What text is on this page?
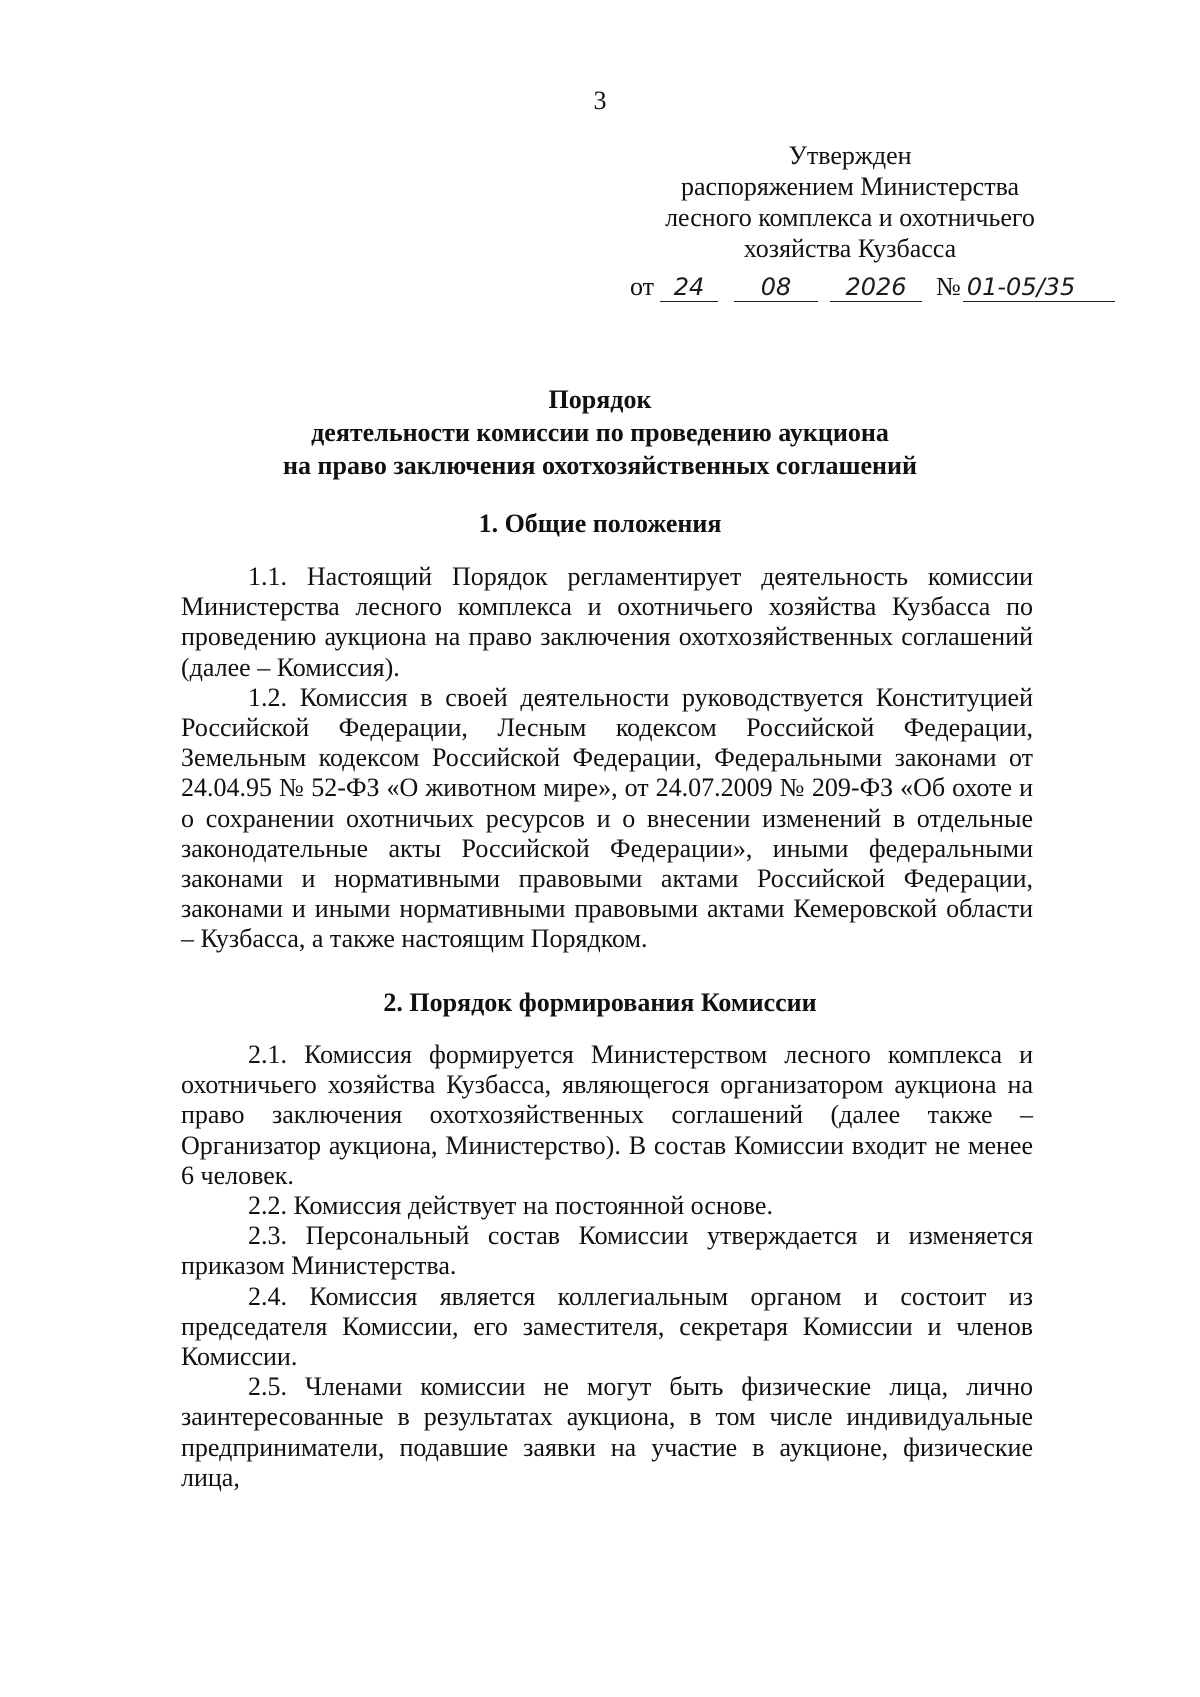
3
Утвержден
распоряжением Министерства
лесного комплекса и охотничьего
хозяйства Кузбасса
от 24 08 2026 № 01-05/35
Порядок
деятельности комиссии по проведению аукциона
на право заключения охотхозяйственных соглашений
1. Общие положения

1.1. Настоящий Порядок регламентирует деятельность комиссии Министерства лесного комплекса и охотничьего хозяйства Кузбасса по проведению аукциона на право заключения охотхозяйственных соглашений (далее – Комиссия).

1.2. Комиссия в своей деятельности руководствуется Конституцией Российской Федерации, Лесным кодексом Российской Федерации, Земельным кодексом Российской Федерации, Федеральными законами от 24.04.95 № 52-ФЗ «О животном мире», от 24.07.2009 № 209-ФЗ «Об охоте и о сохранении охотничьих ресурсов и о внесении изменений в отдельные законодательные акты Российской Федерации», иными федеральными законами и нормативными правовыми актами Российской Федерации, законами и иными нормативными правовыми актами Кемеровской области – Кузбасса, а также настоящим Порядком.

2. Порядок формирования Комиссии

2.1. Комиссия формируется Министерством лесного комплекса и охотничьего хозяйства Кузбасса, являющегося организатором аукциона на право заключения охотхозяйственных соглашений (далее также – Организатор аукциона, Министерство). В состав Комиссии входит не менее 6 человек.

2.2. Комиссия действует на постоянной основе.

2.3. Персональный состав Комиссии утверждается и изменяется приказом Министерства.

2.4. Комиссия является коллегиальным органом и состоит из председателя Комиссии, его заместителя, секретаря Комиссии и членов Комиссии.

2.5. Членами комиссии не могут быть физические лица, лично заинтересованные в результатах аукциона, в том числе индивидуальные предприниматели, подавшие заявки на участие в аукционе, физические лица,
